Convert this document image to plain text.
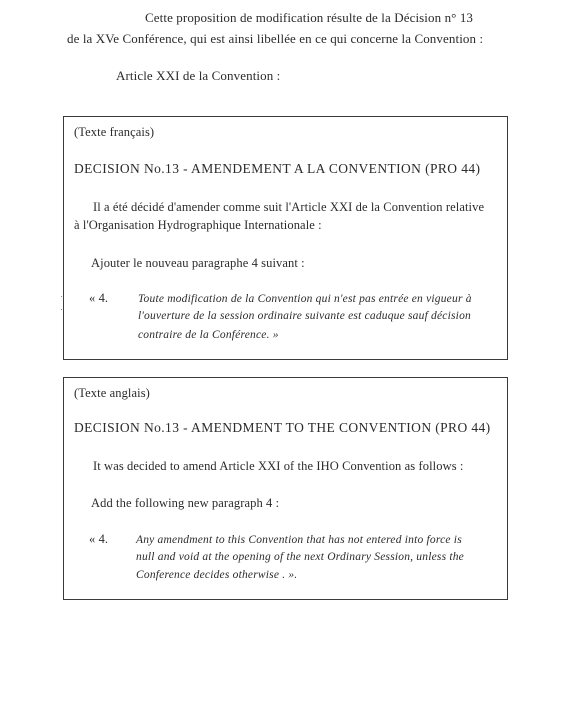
Cette proposition de modification résulte de la Décision n° 13
de la XVe Conférence, qui est ainsi libellée en ce qui concerne la Convention :
Article XXI de la Convention :
(Texte français)
DECISION No.13 - AMENDEMENT A LA CONVENTION (PRO 44)
Il a été décidé d'amender comme suit l'Article XXI de la Convention relative
à l'Organisation Hydrographique Internationale :
Ajouter le nouveau paragraphe 4 suivant :
« 4.	Toute modification de la Convention qui n'est pas entrée en vigueur à
l'ouverture de la session ordinaire suivante est caduque sauf décision
contraire de la Conférence. »
(Texte anglais)
DECISION No.13 - AMENDMENT TO THE CONVENTION (PRO 44)
It was decided to amend Article XXI of the IHO Convention as follows :
Add the following new paragraph 4 :
« 4. Any amendment to this Convention that has not entered into force is
null and void at the opening of the next Ordinary Session, unless the
Conference decides otherwise . ».
